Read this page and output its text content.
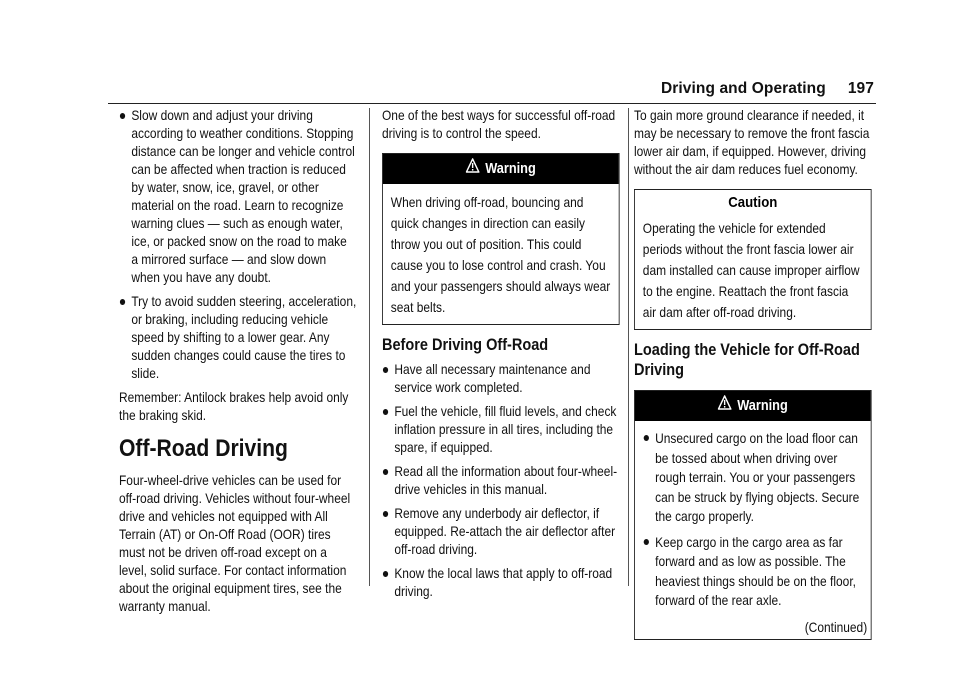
Driving and Operating 197
Slow down and adjust your driving according to weather conditions. Stopping distance can be longer and vehicle control can be affected when traction is reduced by water, snow, ice, gravel, or other material on the road. Learn to recognize warning clues — such as enough water, ice, or packed snow on the road to make a mirrored surface — and slow down when you have any doubt.
Try to avoid sudden steering, acceleration, or braking, including reducing vehicle speed by shifting to a lower gear. Any sudden changes could cause the tires to slide.

Remember: Antilock brakes help avoid only the braking skid.

Off-Road Driving

Four-wheel-drive vehicles can be used for off-road driving. Vehicles without four-wheel drive and vehicles not equipped with All Terrain (AT) or On-Off Road (OOR) tires must not be driven off-road except on a level, solid surface. For contact information about the original equipment tires, see the warranty manual.

One of the best ways for successful off-road driving is to control the speed.

Warning
When driving off-road, bouncing and quick changes in direction can easily throw you out of position. This could cause you to lose control and crash. You and your passengers should always wear seat belts.
Before Driving Off-Road
Have all necessary maintenance and service work completed.
Fuel the vehicle, fill fluid levels, and check inflation pressure in all tires, including the spare, if equipped.
Read all the information about four-wheel-drive vehicles in this manual.
Remove any underbody air deflector, if equipped. Re-attach the air deflector after off-road driving.
Know the local laws that apply to off-road driving.

To gain more ground clearance if needed, it may be necessary to remove the front fascia lower air dam, if equipped. However, driving without the air dam reduces fuel economy.

Caution
Operating the vehicle for extended periods without the front fascia lower air dam installed can cause improper airflow to the engine. Reattach the front fascia air dam after off-road driving.
Loading the Vehicle for Off-Road Driving
Warning
Unsecured cargo on the load floor can be tossed about when driving over rough terrain. You or your passengers can be struck by flying objects. Secure the cargo properly.
Keep cargo in the cargo area as far forward and as low as possible. The heaviest things should be on the floor, forward of the rear axle.
(Continued)
